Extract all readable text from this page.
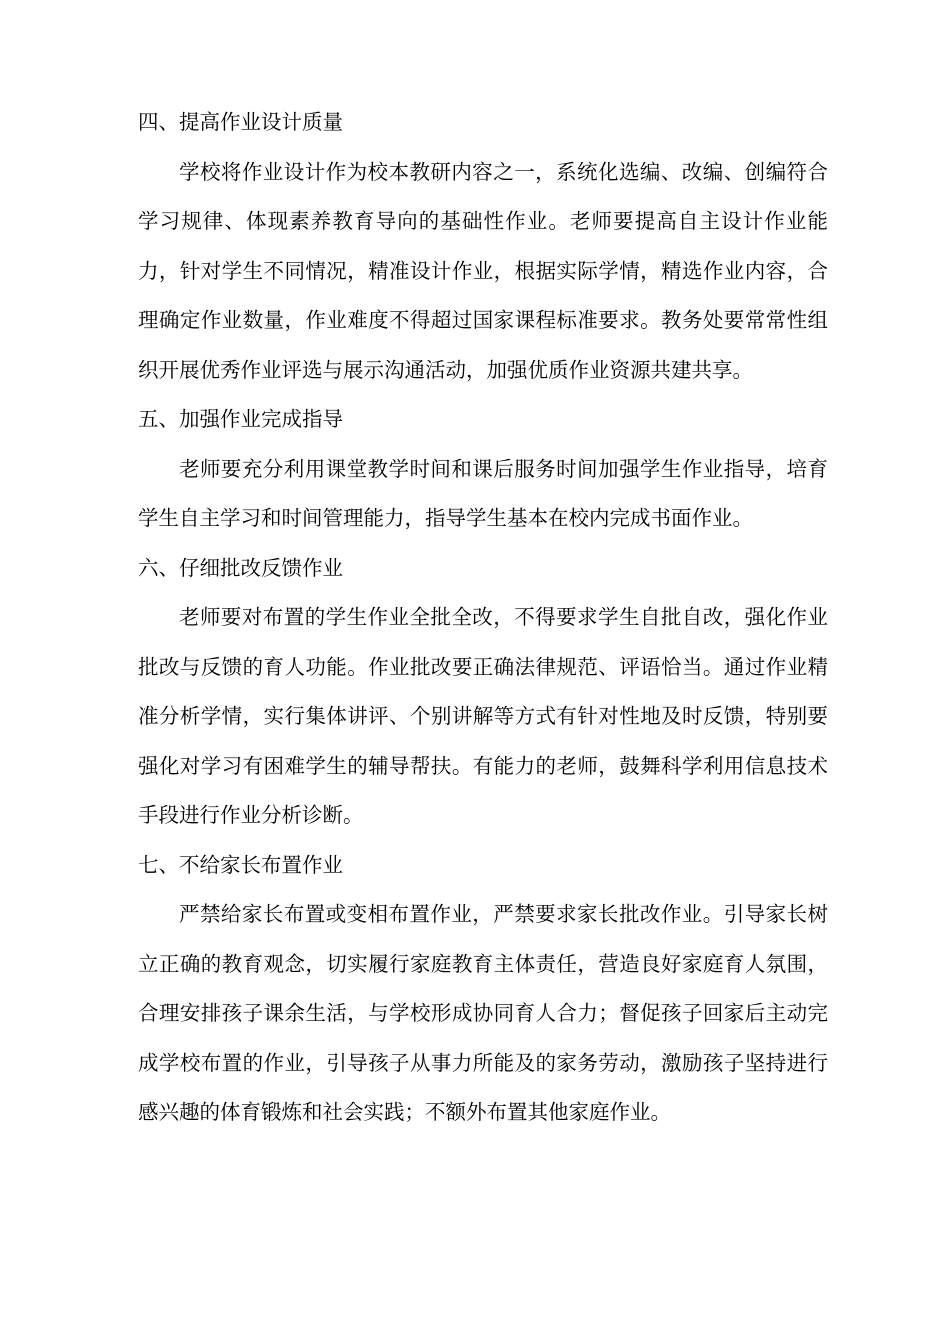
四、提高作业设计质量

学校将作业设计作为校本教研内容之一，系统化选编、改编、创编符合学习规律、体现素养教育导向的基础性作业。老师要提高自主设计作业能力，针对学生不同情况，精准设计作业，根据实际学情，精选作业内容，合理确定作业数量，作业难度不得超过国家课程标准要求。教务处要常常性组织开展优秀作业评选与展示沟通活动，加强优质作业资源共建共享。

五、加强作业完成指导

老师要充分利用课堂教学时间和课后服务时间加强学生作业指导，培育学生自主学习和时间管理能力，指导学生基本在校内完成书面作业。

六、仔细批改反馈作业

老师要对布置的学生作业全批全改，不得要求学生自批自改，强化作业批改与反馈的育人功能。作业批改要正确法律规范、评语恰当。通过作业精准分析学情，实行集体讲评、个别讲解等方式有针对性地及时反馈，特别要强化对学习有困难学生的辅导帮扶。有能力的老师，鼓舞科学利用信息技术手段进行作业分析诊断。

七、不给家长布置作业

严禁给家长布置或变相布置作业，严禁要求家长批改作业。引导家长树立正确的教育观念，切实履行家庭教育主体责任，营造良好家庭育人氛围，合理安排孩子课余生活，与学校形成协同育人合力；督促孩子回家后主动完成学校布置的作业，引导孩子从事力所能及的家务劳动，激励孩子坚持进行感兴趣的体育锻炼和社会实践；不额外布置其他家庭作业。
